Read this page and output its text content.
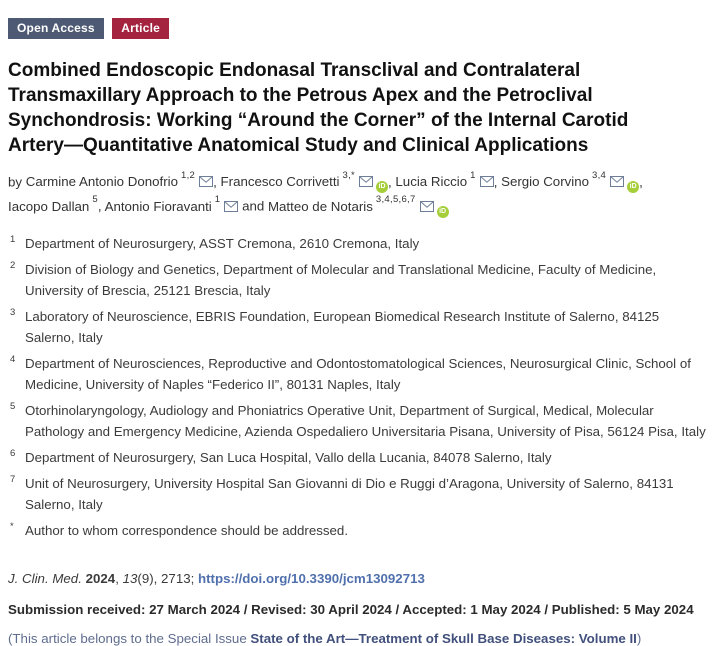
Open Access Article
Combined Endoscopic Endonasal Transclival and Contralateral Transmaxillary Approach to the Petrous Apex and the Petroclival Synchondrosis: Working “Around the Corner” of the Internal Carotid Artery—Quantitative Anatomical Study and Clinical Applications

by Carmine Antonio Donofrio $^{1,2}$ , Francesco Corrivetti $^{3,*}$iD , Lucia Riccio $^1$ , Sergio Corvino $^{3,4}$iD , Iacopo Dallan $^5$, Antonio Fioravanti $^1$ and Matteo de Notaris $^{3,4,5,6,7}$iD

1 Department of Neurosurgery, ASST Cremona, 2610 Cremona, Italy
2 Division of Biology and Genetics, Department of Molecular and Translational Medicine, Faculty of Medicine, University of Brescia, 25121 Brescia, Italy
3 Laboratory of Neuroscience, EBRIS Foundation, European Biomedical Research Institute of Salerno, 84125 Salerno, Italy
4 Department of Neurosciences, Reproductive and Odontostomatological Sciences, Neurosurgical Clinic, School of Medicine, University of Naples “Federico II”, 80131 Naples, Italy
5 Otorhinolaryngology, Audiology and Phoniatrics Operative Unit, Department of Surgical, Medical, Molecular Pathology and Emergency Medicine, Azienda Ospedaliero Universitaria Pisana, University of Pisa, 56124 Pisa, Italy
6 Department of Neurosurgery, San Luca Hospital, Vallo della Lucania, 84078 Salerno, Italy
7 Unit of Neurosurgery, University Hospital San Giovanni di Dio e Ruggi d’Aragona, University of Salerno, 84131 Salerno, Italy
* Author to whom correspondence should be addressed.

J. Clin. Med. 2024, 13(9), 2713; https://doi.org/10.3390/jcm13092713

Submission received: 27 March 2024 / Revised: 30 April 2024 / Accepted: 1 May 2024 / Published: 5 May 2024

(This article belongs to the Special Issue State of the Art—Treatment of Skull Base Diseases: Volume II)
